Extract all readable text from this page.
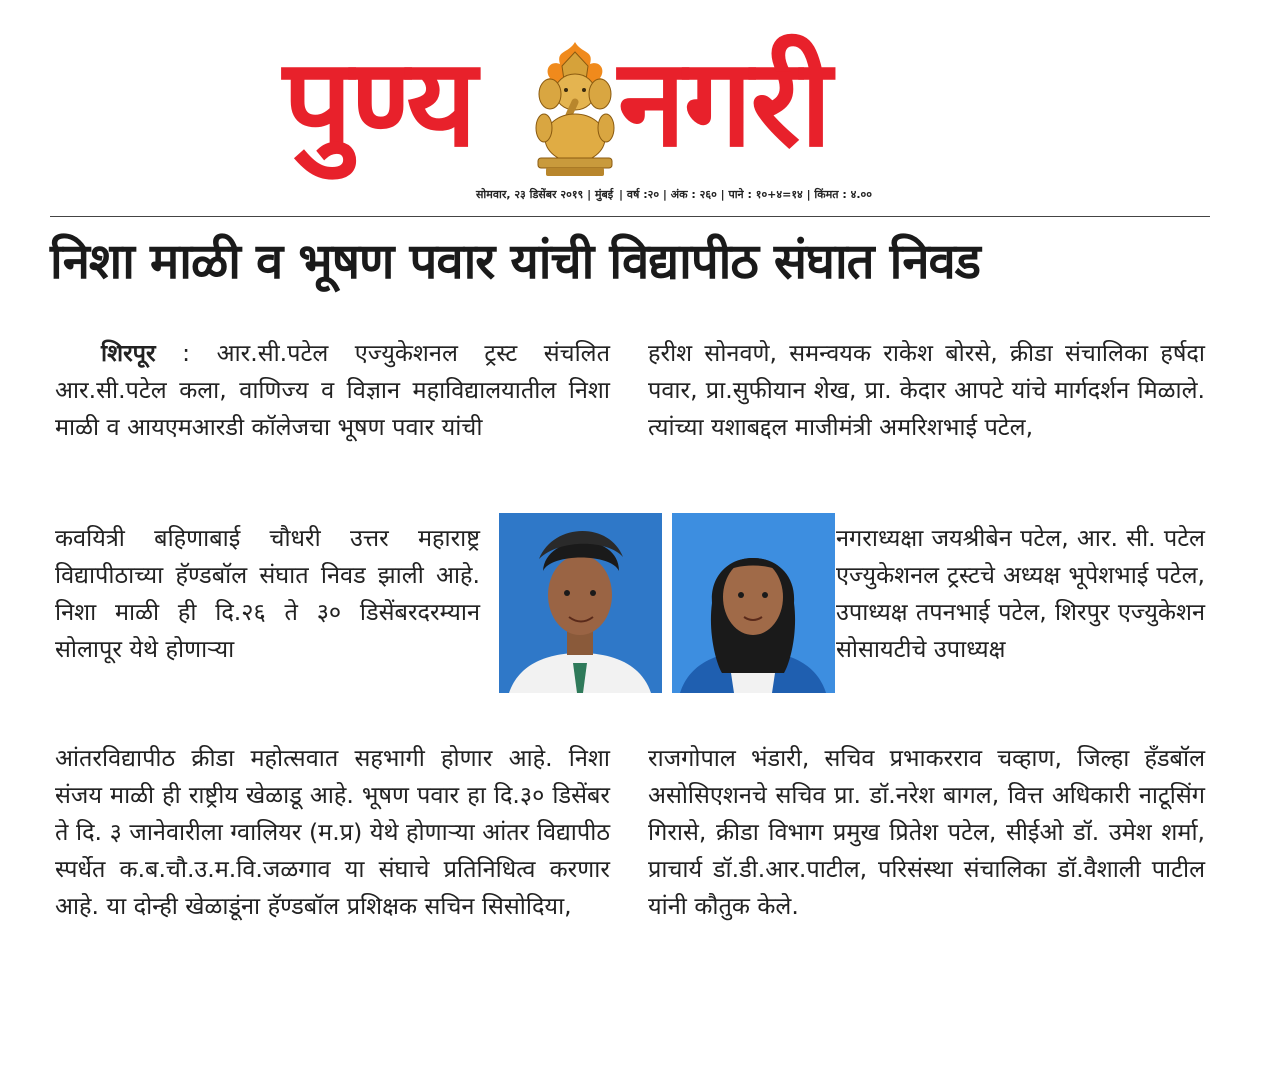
पुण्य नगरी
सोमवार, २३ डिसेंबर २०१९ | मुंबई | वर्ष :२० | अंक : २६० | पाने : १०+४=१४ | किंमत : ४.००
निशा माळी व भूषण पवार यांची विद्यापीठ संघात निवड

शिरपूर : आर.सी.पटेल एज्युकेशनल ट्रस्ट संचलित आर.सी.पटेल कला, वाणिज्य व विज्ञान महाविद्यालयातील निशा माळी व आयएमआरडी कॉलेजचा भूषण पवार यांची

कवयित्री बहिणाबाई चौधरी उत्तर महाराष्ट्र विद्यापीठाच्या हॅण्डबॉल संघात निवड झाली आहे. निशा माळी ही दि.२६ ते ३० डिसेंबरदरम्यान सोलापूर येथे होणाऱ्या
आंतरविद्यापीठ क्रीडा महोत्सवात सहभागी होणार आहे. निशा संजय माळी ही राष्ट्रीय खेळाडू आहे. भूषण पवार हा दि.३० डिसेंबर ते दि. ३ जानेवारीला ग्वालियर (म.प्र) येथे होणाऱ्या आंतर विद्यापीठ स्पर्धेत क.ब.चौ.उ.म.वि.जळगाव या संघाचे प्रतिनिधित्व करणार आहे. या दोन्ही खेळाडूंना हॅण्डबॉल प्रशिक्षक सचिन सिसोदिया,
हरीश सोनवणे, समन्वयक राकेश बोरसे, क्रीडा संचालिका हर्षदा पवार, प्रा.सुफीयान शेख, प्रा. केदार आपटे यांचे मार्गदर्शन मिळाले. त्यांच्या यशाबद्दल माजीमंत्री अमरिशभाई पटेल,
नगराध्यक्षा जयश्रीबेन पटेल, आर. सी. पटेल एज्युकेशनल ट्रस्टचे अध्यक्ष भूपेशभाई पटेल, उपाध्यक्ष तपनभाई पटेल, शिरपुर एज्युकेशन सोसायटीचे उपाध्यक्ष
राजगोपाल भंडारी, सचिव प्रभाकरराव चव्हाण, जिल्हा हॅंडबॉल असोसिएशनचे सचिव प्रा. डॉ.नरेश बागल, वित्त अधिकारी नाटूसिंग गिरासे, क्रीडा विभाग प्रमुख प्रितेश पटेल, सीईओ डॉ. उमेश शर्मा, प्राचार्य डॉ.डी.आर.पाटील, परिसंस्था संचालिका डॉ.वैशाली पाटील यांनी कौतुक केले.
